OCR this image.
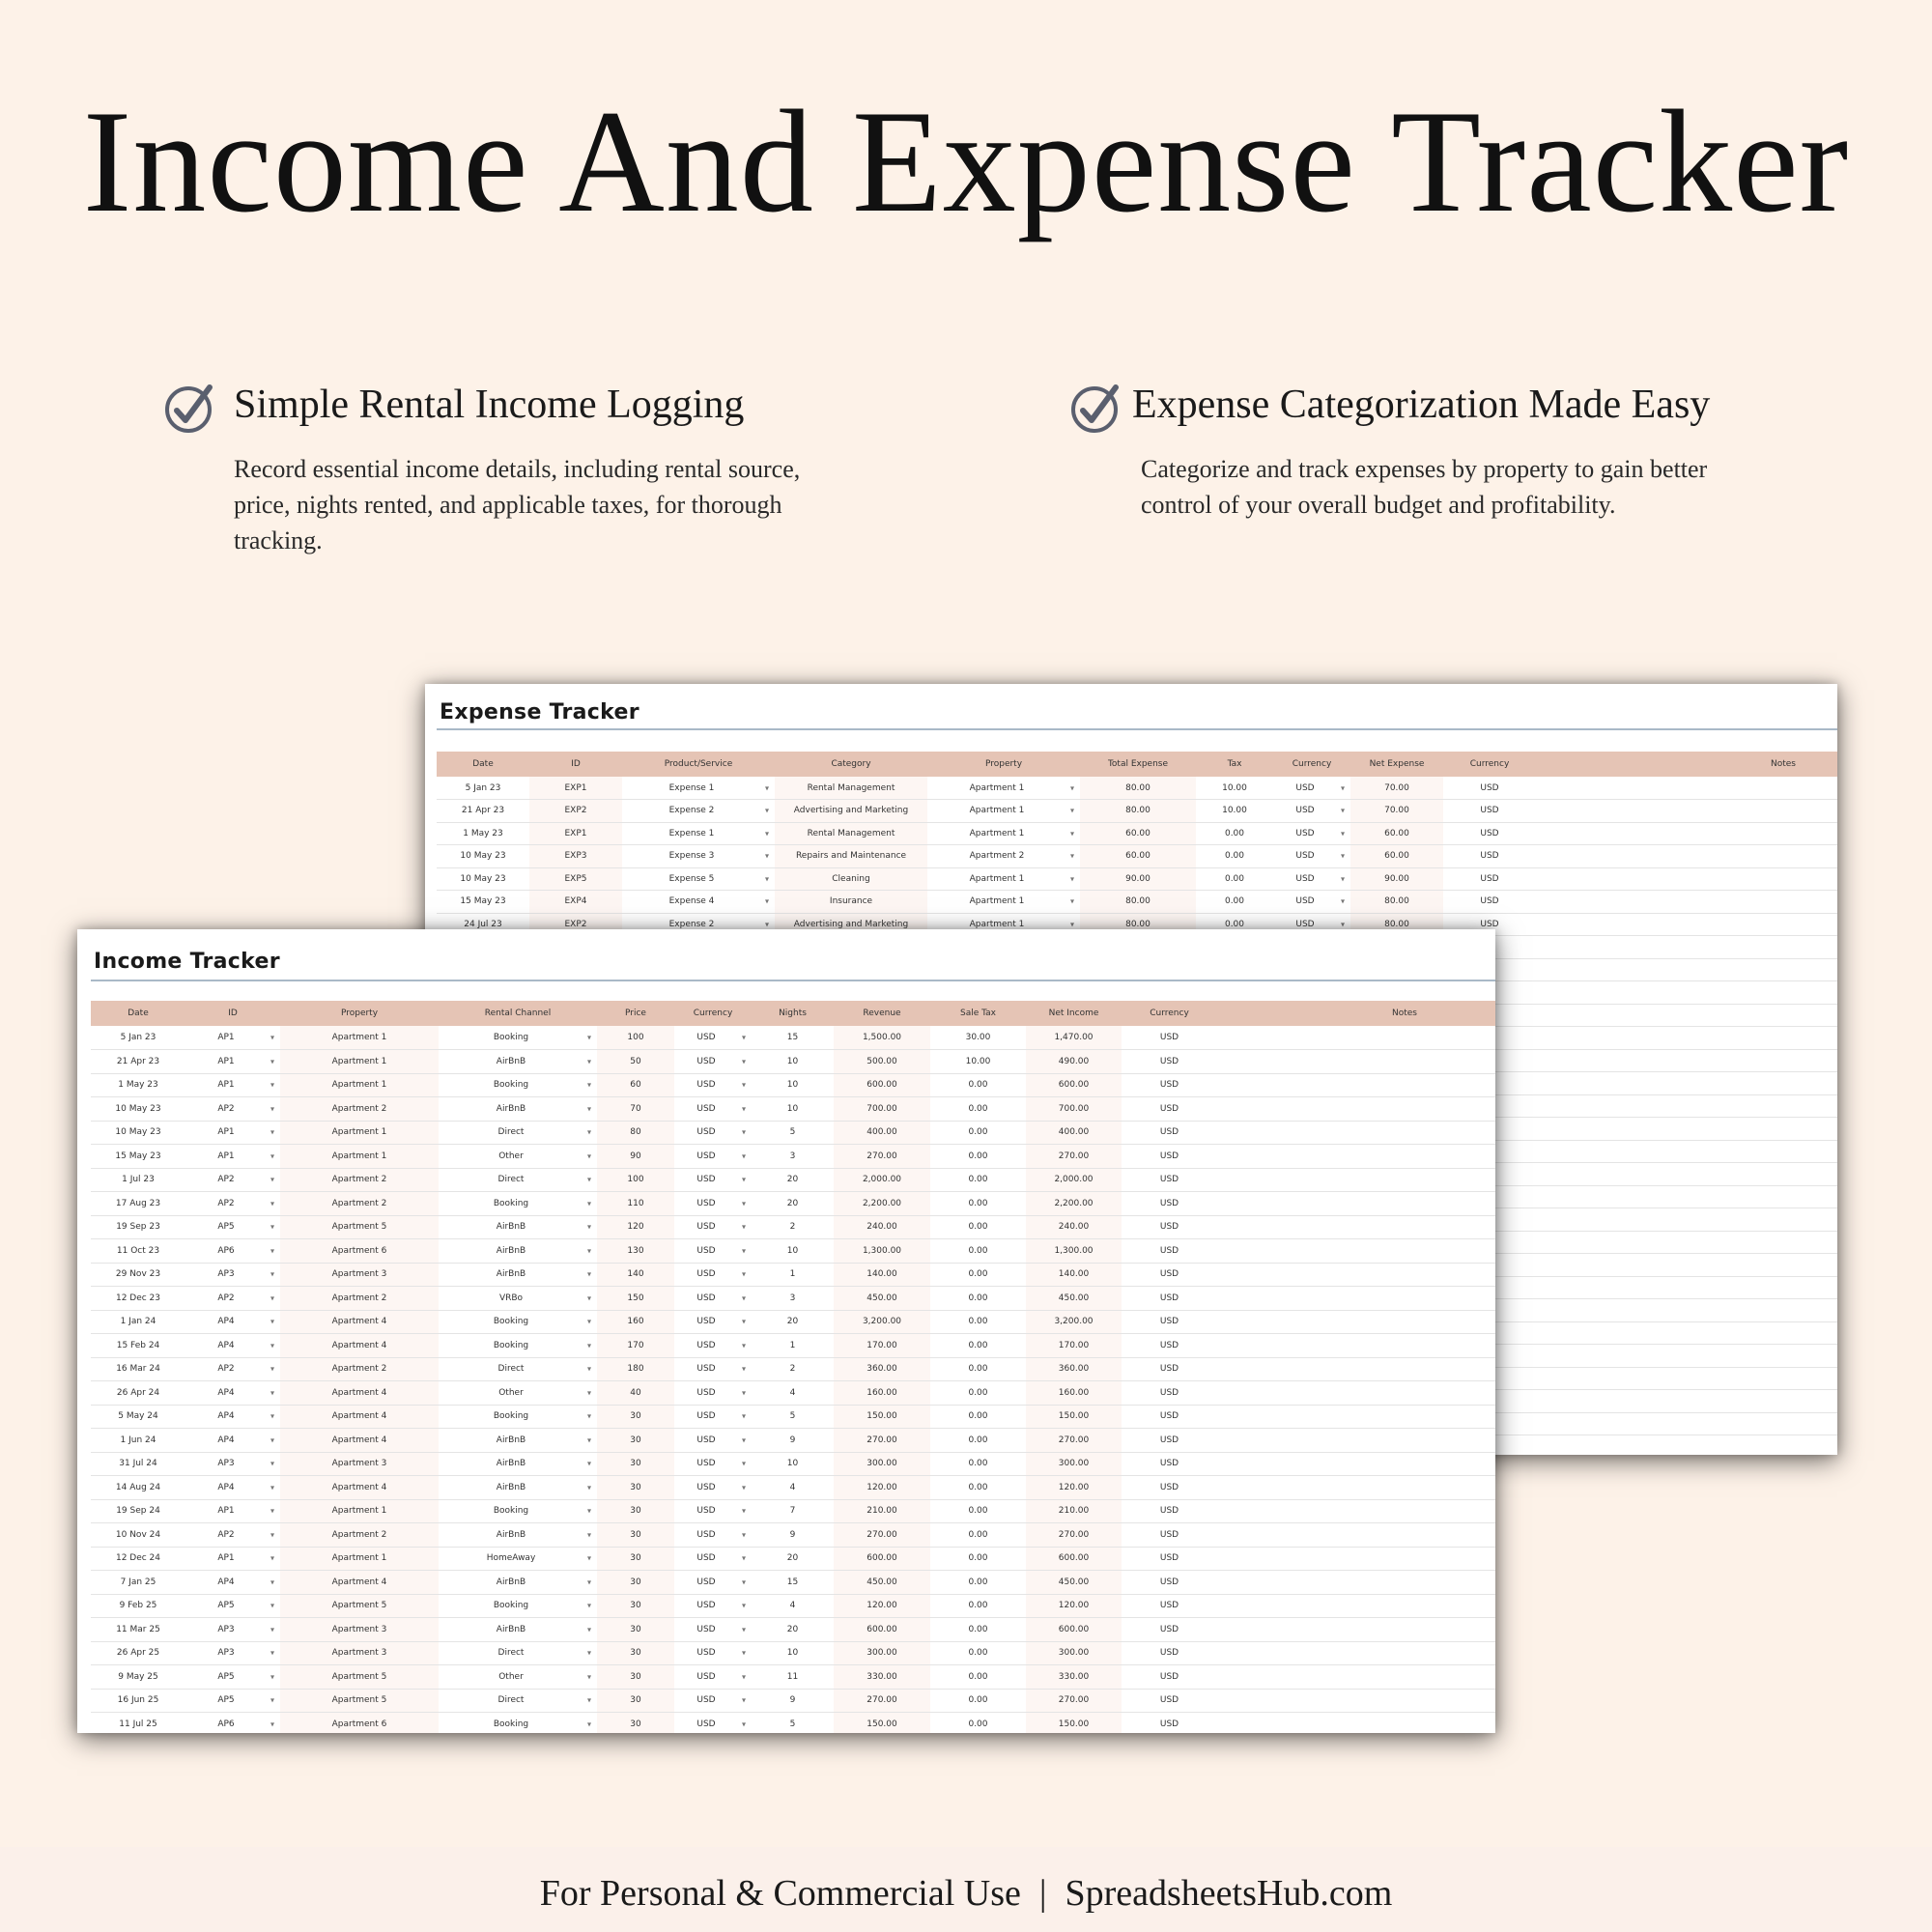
Income And Expense Tracker
Simple Rental Income Logging

Record essential income details, including rental source, price, nights rented, and applicable taxes, for thorough tracking.

Expense Categorization Made Easy

Categorize and track expenses by property to gain better control of your overall budget and profitability.

Expense Tracker
Date	ID	Product/Service	Category	Property	Total Expense	Tax	Currency	Net Expense	Currency	Notes
5 Jan 23	EXP1	Expense 1 ▾	Rental Management	Apartment 1 ▾	80.00	10.00	USD ▾	70.00	USD	
21 Apr 23	EXP2	Expense 2 ▾	Advertising and Marketing	Apartment 1 ▾	80.00	10.00	USD ▾	70.00	USD	
1 May 23	EXP1	Expense 1 ▾	Rental Management	Apartment 1 ▾	60.00	0.00	USD ▾	60.00	USD	
10 May 23	EXP3	Expense 3 ▾	Repairs and Maintenance	Apartment 2 ▾	60.00	0.00	USD ▾	60.00	USD	
10 May 23	EXP5	Expense 5 ▾	Cleaning	Apartment 1 ▾	90.00	0.00	USD ▾	90.00	USD	
15 May 23	EXP4	Expense 4 ▾	Insurance	Apartment 1 ▾	80.00	0.00	USD ▾	80.00	USD	
24 Jul 23	EXP2	Expense 2 ▾	Advertising and Marketing	Apartment 1 ▾	80.00	0.00	USD ▾	80.00	USD	

Income Tracker
Date	ID	Property	Rental Channel	Price	Currency	Nights	Revenue	Sale Tax	Net Income	Currency	Notes
5 Jan 23	AP1 ▾	Apartment 1	Booking ▾	100	USD ▾	15	1,500.00	30.00	1,470.00	USD	
21 Apr 23	AP1 ▾	Apartment 1	AirBnB ▾	50	USD ▾	10	500.00	10.00	490.00	USD	
1 May 23	AP1 ▾	Apartment 1	Booking ▾	60	USD ▾	10	600.00	0.00	600.00	USD	
10 May 23	AP2 ▾	Apartment 2	AirBnB ▾	70	USD ▾	10	700.00	0.00	700.00	USD	
10 May 23	AP1 ▾	Apartment 1	Direct ▾	80	USD ▾	5	400.00	0.00	400.00	USD	
15 May 23	AP1 ▾	Apartment 1	Other ▾	90	USD ▾	3	270.00	0.00	270.00	USD	
1 Jul 23	AP2 ▾	Apartment 2	Direct ▾	100	USD ▾	20	2,000.00	0.00	2,000.00	USD	
17 Aug 23	AP2 ▾	Apartment 2	Booking ▾	110	USD ▾	20	2,200.00	0.00	2,200.00	USD	
19 Sep 23	AP5 ▾	Apartment 5	AirBnB ▾	120	USD ▾	2	240.00	0.00	240.00	USD	
11 Oct 23	AP6 ▾	Apartment 6	AirBnB ▾	130	USD ▾	10	1,300.00	0.00	1,300.00	USD	
29 Nov 23	AP3 ▾	Apartment 3	AirBnB ▾	140	USD ▾	1	140.00	0.00	140.00	USD	
12 Dec 23	AP2 ▾	Apartment 2	VRBo ▾	150	USD ▾	3	450.00	0.00	450.00	USD	
1 Jan 24	AP4 ▾	Apartment 4	Booking ▾	160	USD ▾	20	3,200.00	0.00	3,200.00	USD	
15 Feb 24	AP4 ▾	Apartment 4	Booking ▾	170	USD ▾	1	170.00	0.00	170.00	USD	
16 Mar 24	AP2 ▾	Apartment 2	Direct ▾	180	USD ▾	2	360.00	0.00	360.00	USD	
26 Apr 24	AP4 ▾	Apartment 4	Other ▾	40	USD ▾	4	160.00	0.00	160.00	USD	
5 May 24	AP4 ▾	Apartment 4	Booking ▾	30	USD ▾	5	150.00	0.00	150.00	USD	
1 Jun 24	AP4 ▾	Apartment 4	AirBnB ▾	30	USD ▾	9	270.00	0.00	270.00	USD	
31 Jul 24	AP3 ▾	Apartment 3	AirBnB ▾	30	USD ▾	10	300.00	0.00	300.00	USD	
14 Aug 24	AP4 ▾	Apartment 4	AirBnB ▾	30	USD ▾	4	120.00	0.00	120.00	USD	
19 Sep 24	AP1 ▾	Apartment 1	Booking ▾	30	USD ▾	7	210.00	0.00	210.00	USD	
10 Nov 24	AP2 ▾	Apartment 2	AirBnB ▾	30	USD ▾	9	270.00	0.00	270.00	USD	
12 Dec 24	AP1 ▾	Apartment 1	HomeAway ▾	30	USD ▾	20	600.00	0.00	600.00	USD	
7 Jan 25	AP4 ▾	Apartment 4	AirBnB ▾	30	USD ▾	15	450.00	0.00	450.00	USD	
9 Feb 25	AP5 ▾	Apartment 5	Booking ▾	30	USD ▾	4	120.00	0.00	120.00	USD	
11 Mar 25	AP3 ▾	Apartment 3	AirBnB ▾	30	USD ▾	20	600.00	0.00	600.00	USD	
26 Apr 25	AP3 ▾	Apartment 3	Direct ▾	30	USD ▾	10	300.00	0.00	300.00	USD	
9 May 25	AP5 ▾	Apartment 5	Other ▾	30	USD ▾	11	330.00	0.00	330.00	USD	
16 Jun 25	AP5 ▾	Apartment 5	Direct ▾	30	USD ▾	9	270.00	0.00	270.00	USD	
11 Jul 25	AP6 ▾	Apartment 6	Booking ▾	30	USD ▾	5	150.00	0.00	150.00	USD	
For Personal & Commercial Use  |  SpreadsheetsHub.com
